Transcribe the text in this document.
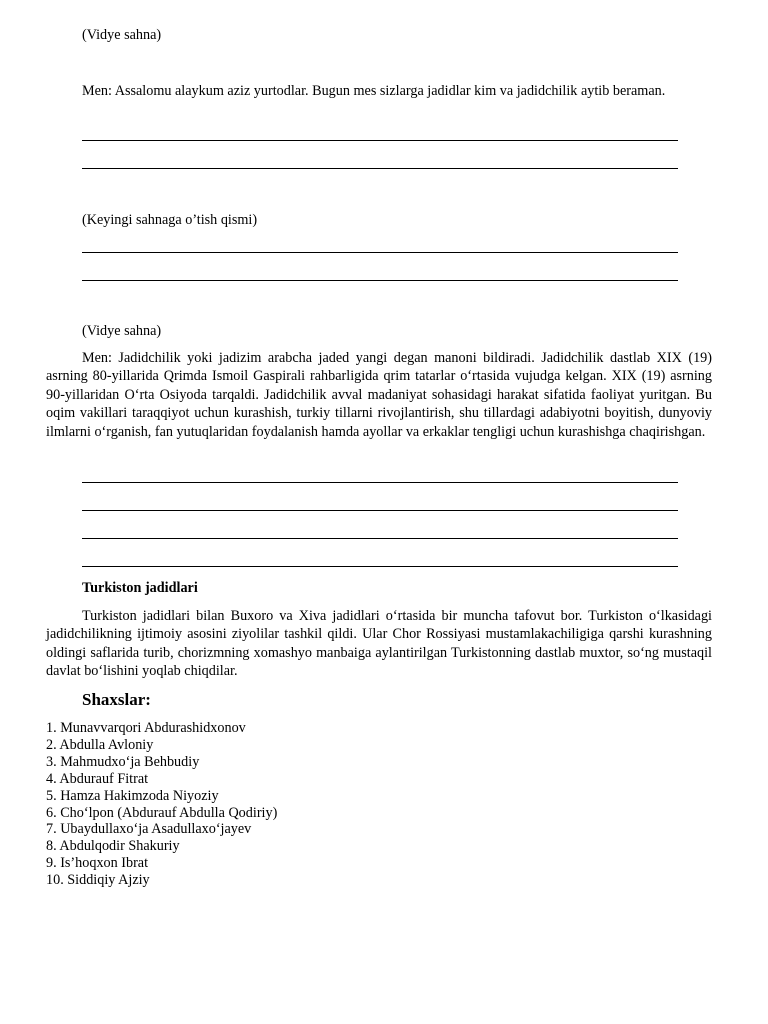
(Vidye sahna)

Men: Assalomu alaykum aziz yurtodlar. Bugun mes sizlarga jadidlar kim va jadidchilik aytib beraman.

(Keyingi sahnaga o’tish qismi)

(Vidye sahna)

Men: Jadidchilik yoki jadizim arabcha jaded yangi degan manoni bildiradi. Jadidchilik dastlab XIX (19) asrning 80-yillarida Qrimda Ismoil Gaspirali rahbarligida qrim tatarlar o‘rtasida vujudga kelgan. XIX (19) asrning 90-yillaridan O‘rta Osiyoda tarqaldi. Jadidchilik avval madaniyat sohasidagi harakat sifatida faoliyat yuritgan. Bu oqim vakillari taraqqiyot uchun kurashish, turkiy tillarni rivojlantirish, shu tillardagi adabiyotni boyitish, dunyoviy ilmlarni o‘rganish, fan yutuqlaridan foydalanish hamda ayollar va erkaklar tengligi uchun kurashishga chaqirishgan.

Turkiston jadidlari

Turkiston jadidlari bilan Buxoro va Xiva jadidlari o‘rtasida bir muncha tafovut bor. Turkiston o‘lkasidagi jadidchilikning ijtimoiy asosini ziyolilar tashkil qildi. Ular Chor Rossiyasi mustamlakachiligiga qarshi kurashning oldingi saflarida turib, chorizmning xomashyo manbaiga aylantirilgan Turkistonning dastlab muxtor, so‘ng mustaqil davlat bo‘lishini yoqlab chiqdilar.

Shaxslar:

1. Munavvarqori Abdurashidxonov
2. Abdulla Avloniy
3. Mahmudxo‘ja Behbudiy
4. Abdurauf Fitrat
5. Hamza Hakimzoda Niyoziy
6. Cho‘lpon (Abdurauf Abdulla Qodiriy)
7. Ubaydullaxo‘ja Asadullaxo‘jayev
8. Abdulqodir Shakuriy
9. Is’hoqxon Ibrat
10. Siddiqiy Ajziy
